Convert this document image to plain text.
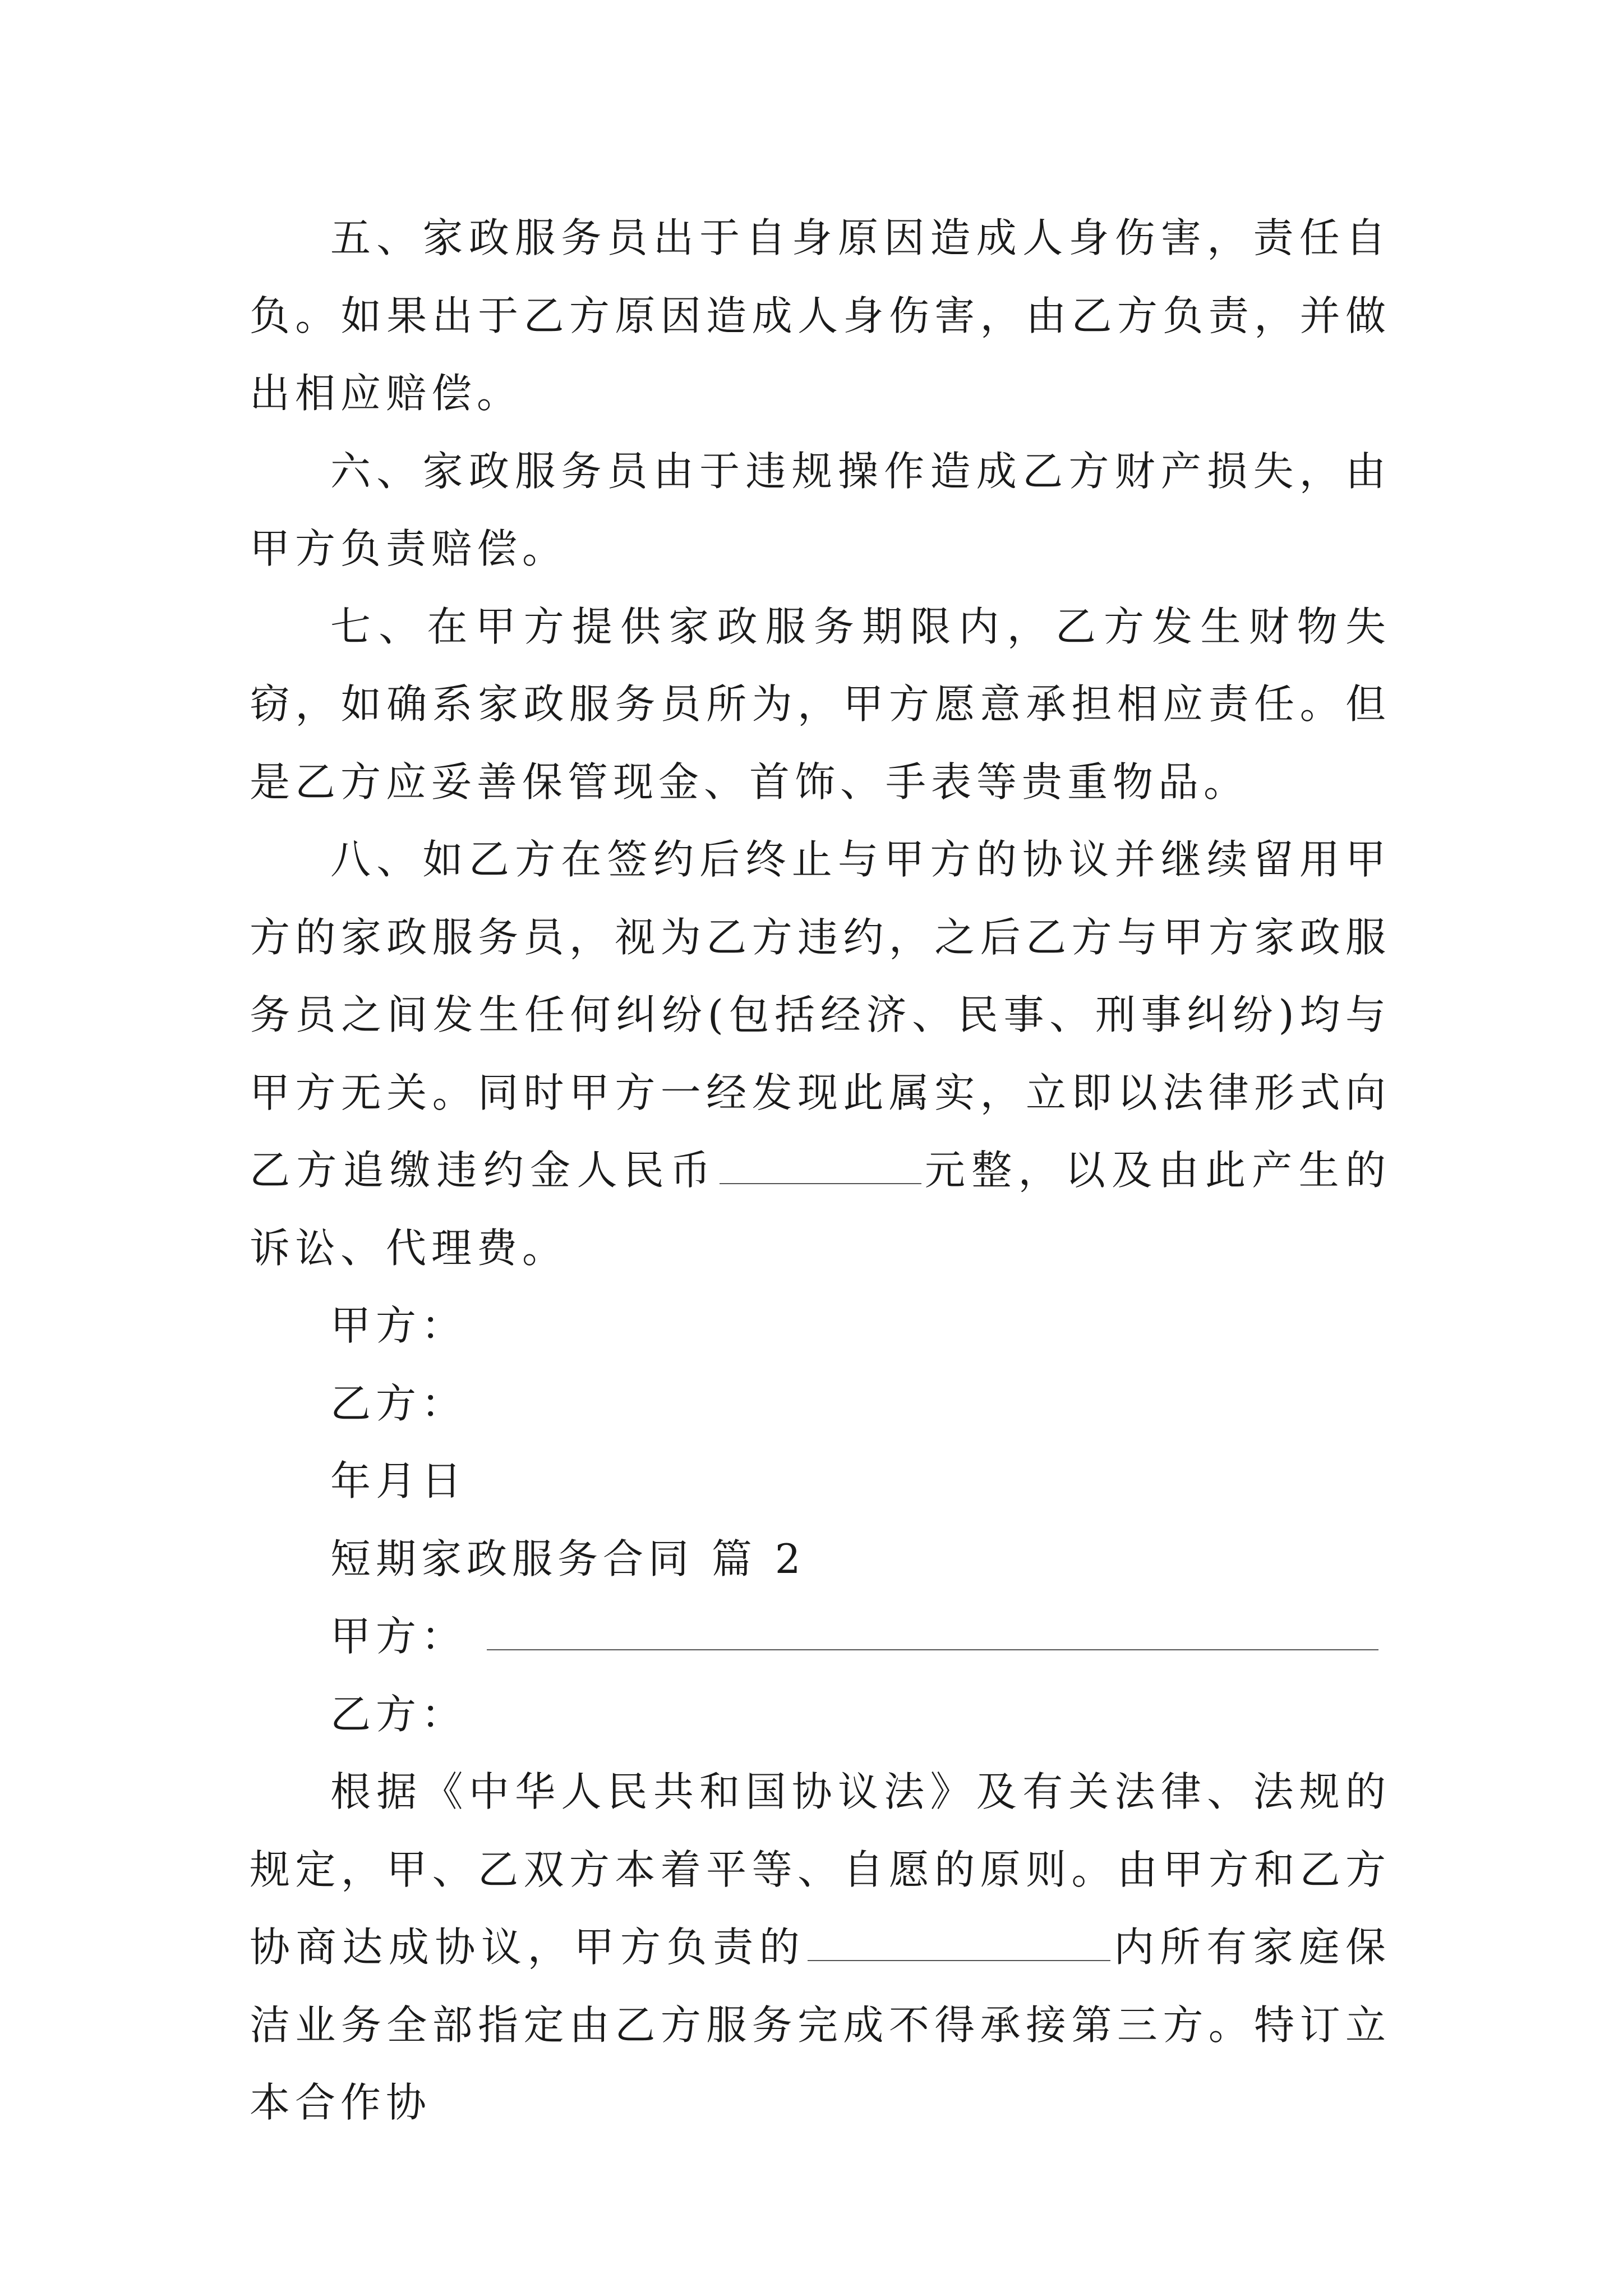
五、家政服务员出于自身原因造成人身伤害，责任自负。如果出于乙方原因造成人身伤害，由乙方负责，并做出相应赔偿。

六、家政服务员由于违规操作造成乙方财产损失，由甲方负责赔偿。

七、在甲方提供家政服务期限内，乙方发生财物失窃，如确系家政服务员所为，甲方愿意承担相应责任。但是乙方应妥善保管现金、首饰、手表等贵重物品。

八、如乙方在签约后终止与甲方的协议并继续留用甲方的家政服务员，视为乙方违约，之后乙方与甲方家政服务员之间发生任何纠纷(包括经济、民事、刑事纠纷)均与甲方无关。同时甲方一经发现此属实，立即以法律形式向乙方追缴违约金人民币	元整，以及由此产生的诉讼、代理费。

甲方：

乙方：

年月日

短期家政服务合同 篇 2

甲方：

乙方：

根据《中华人民共和国协议法》及有关法律、法规的规定，甲、乙双方本着平等、自愿的原则。由甲方和乙方协商达成协议，甲方负责的	内所有家庭保洁业务全部指定由乙方服务完成不得承接第三方。特订立本合作协
